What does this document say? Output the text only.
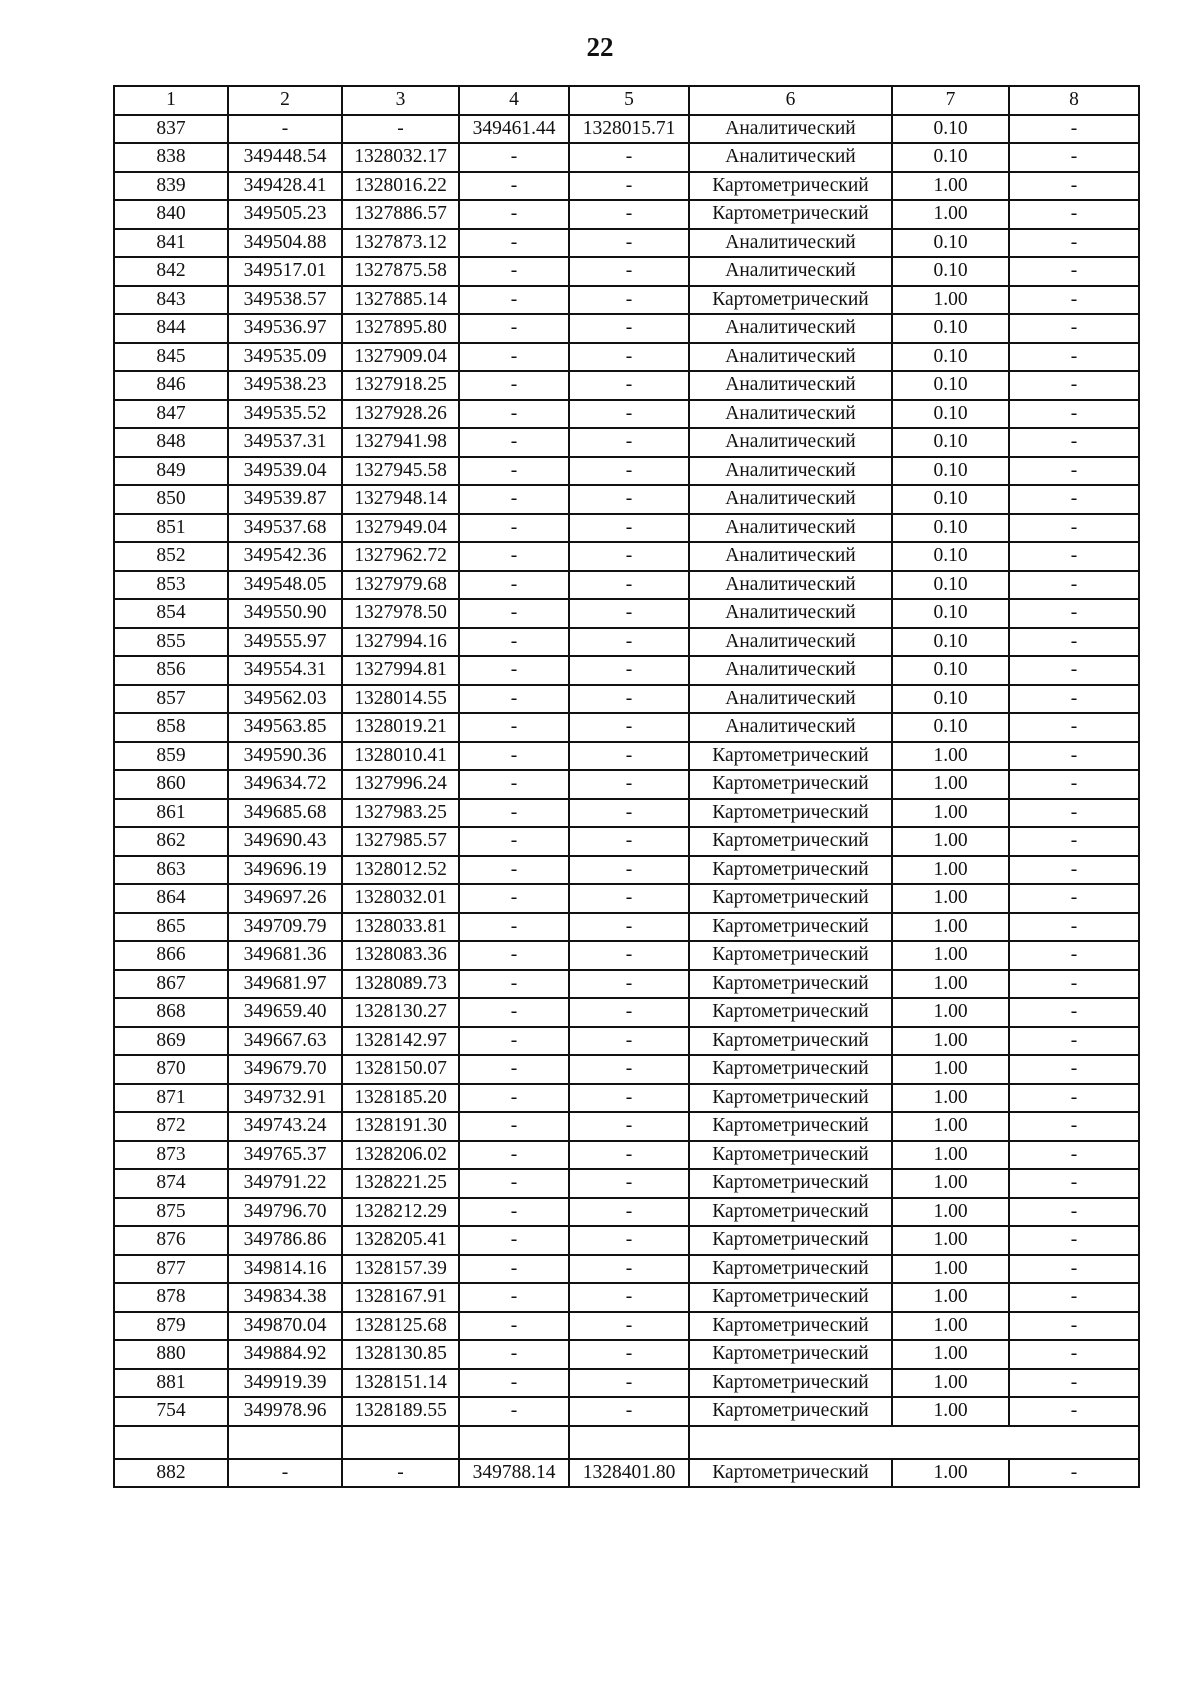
22
1	2	3	4	5	6	7	8
837	-	-	349461.44	1328015.71	Аналитический	0.10	-
838	349448.54	1328032.17	-	-	Аналитический	0.10	-
839	349428.41	1328016.22	-	-	Картометрический	1.00	-
840	349505.23	1327886.57	-	-	Картометрический	1.00	-
841	349504.88	1327873.12	-	-	Аналитический	0.10	-
842	349517.01	1327875.58	-	-	Аналитический	0.10	-
843	349538.57	1327885.14	-	-	Картометрический	1.00	-
844	349536.97	1327895.80	-	-	Аналитический	0.10	-
845	349535.09	1327909.04	-	-	Аналитический	0.10	-
846	349538.23	1327918.25	-	-	Аналитический	0.10	-
847	349535.52	1327928.26	-	-	Аналитический	0.10	-
848	349537.31	1327941.98	-	-	Аналитический	0.10	-
849	349539.04	1327945.58	-	-	Аналитический	0.10	-
850	349539.87	1327948.14	-	-	Аналитический	0.10	-
851	349537.68	1327949.04	-	-	Аналитический	0.10	-
852	349542.36	1327962.72	-	-	Аналитический	0.10	-
853	349548.05	1327979.68	-	-	Аналитический	0.10	-
854	349550.90	1327978.50	-	-	Аналитический	0.10	-
855	349555.97	1327994.16	-	-	Аналитический	0.10	-
856	349554.31	1327994.81	-	-	Аналитический	0.10	-
857	349562.03	1328014.55	-	-	Аналитический	0.10	-
858	349563.85	1328019.21	-	-	Аналитический	0.10	-
859	349590.36	1328010.41	-	-	Картометрический	1.00	-
860	349634.72	1327996.24	-	-	Картометрический	1.00	-
861	349685.68	1327983.25	-	-	Картометрический	1.00	-
862	349690.43	1327985.57	-	-	Картометрический	1.00	-
863	349696.19	1328012.52	-	-	Картометрический	1.00	-
864	349697.26	1328032.01	-	-	Картометрический	1.00	-
865	349709.79	1328033.81	-	-	Картометрический	1.00	-
866	349681.36	1328083.36	-	-	Картометрический	1.00	-
867	349681.97	1328089.73	-	-	Картометрический	1.00	-
868	349659.40	1328130.27	-	-	Картометрический	1.00	-
869	349667.63	1328142.97	-	-	Картометрический	1.00	-
870	349679.70	1328150.07	-	-	Картометрический	1.00	-
871	349732.91	1328185.20	-	-	Картометрический	1.00	-
872	349743.24	1328191.30	-	-	Картометрический	1.00	-
873	349765.37	1328206.02	-	-	Картометрический	1.00	-
874	349791.22	1328221.25	-	-	Картометрический	1.00	-
875	349796.70	1328212.29	-	-	Картометрический	1.00	-
876	349786.86	1328205.41	-	-	Картометрический	1.00	-
877	349814.16	1328157.39	-	-	Картометрический	1.00	-
878	349834.38	1328167.91	-	-	Картометрический	1.00	-
879	349870.04	1328125.68	-	-	Картометрический	1.00	-
880	349884.92	1328130.85	-	-	Картометрический	1.00	-
881	349919.39	1328151.14	-	-	Картометрический	1.00	-
754	349978.96	1328189.55	-	-	Картометрический	1.00	-

882	-	-	349788.14	1328401.80	Картометрический	1.00	-
